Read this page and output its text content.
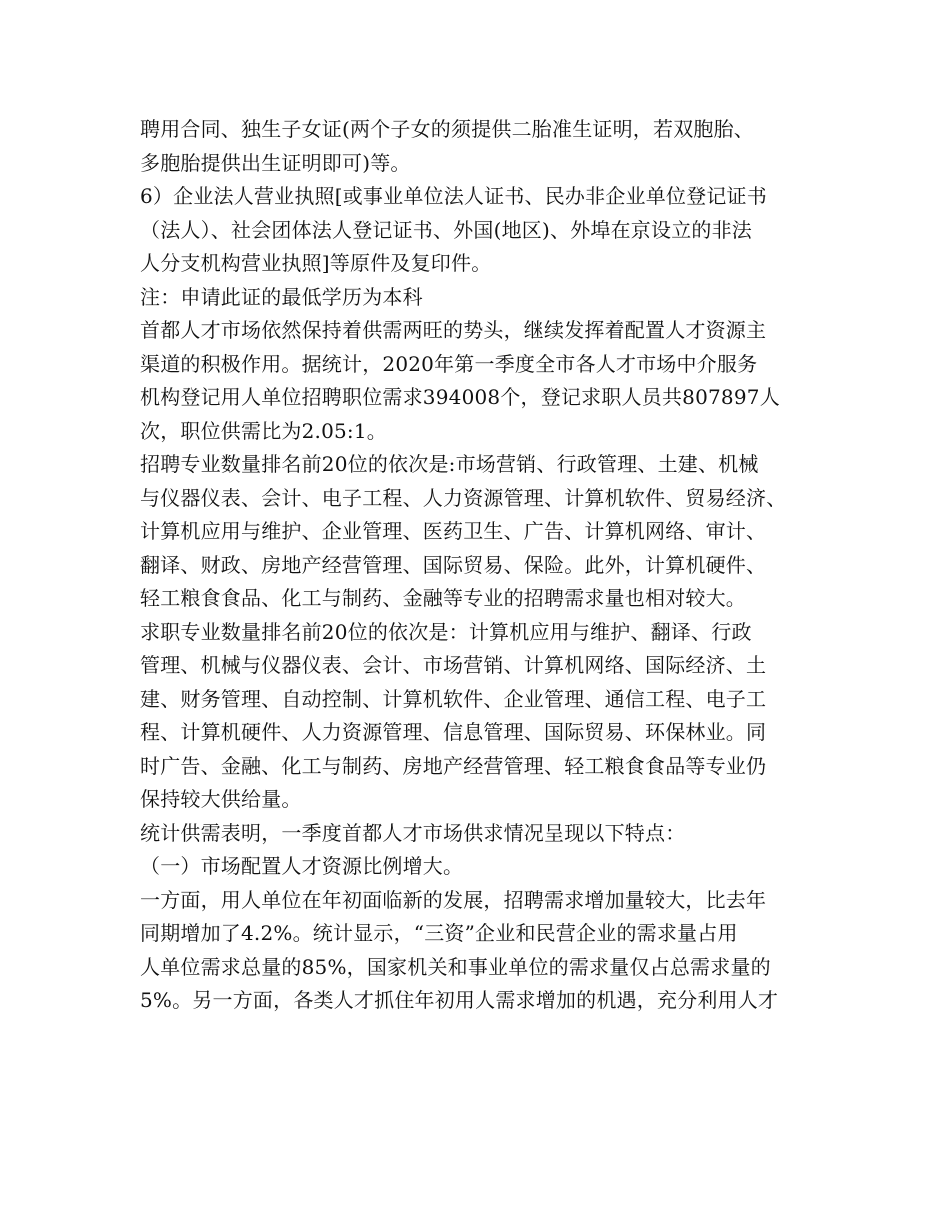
聘用合同、独生子女证(两个子女的须提供二胎准生证明，若双胞胎、
多胞胎提供出生证明即可)等。
6）企业法人营业执照[或事业单位法人证书、民办非企业单位登记证书
（法人）、社会团体法人登记证书、外国(地区)、外埠在京设立的非法
人分支机构营业执照]等原件及复印件。
注：申请此证的最低学历为本科
首都人才市场依然保持着供需两旺的势头，继续发挥着配置人才资源主
渠道的积极作用。据统计，2020年第一季度全市各人才市场中介服务
机构登记用人单位招聘职位需求394008个，登记求职人员共807897人
次，职位供需比为2.05:1。
招聘专业数量排名前20位的依次是:市场营销、行政管理、土建、机械
与仪器仪表、会计、电子工程、人力资源管理、计算机软件、贸易经济、
计算机应用与维护、企业管理、医药卫生、广告、计算机网络、审计、
翻译、财政、房地产经营管理、国际贸易、保险。此外，计算机硬件、
轻工粮食食品、化工与制药、金融等专业的招聘需求量也相对较大。
求职专业数量排名前20位的依次是：计算机应用与维护、翻译、行政
管理、机械与仪器仪表、会计、市场营销、计算机网络、国际经济、土
建、财务管理、自动控制、计算机软件、企业管理、通信工程、电子工
程、计算机硬件、人力资源管理、信息管理、国际贸易、环保林业。同
时广告、金融、化工与制药、房地产经营管理、轻工粮食食品等专业仍
保持较大供给量。
统计供需表明，一季度首都人才市场供求情况呈现以下特点：
（一）市场配置人才资源比例增大。
一方面，用人单位在年初面临新的发展，招聘需求增加量较大，比去年
同期增加了4.2%。统计显示，“三资”企业和民营企业的需求量占用
人单位需求总量的85%，国家机关和事业单位的需求量仅占总需求量的
5%。另一方面，各类人才抓住年初用人需求增加的机遇，充分利用人才
